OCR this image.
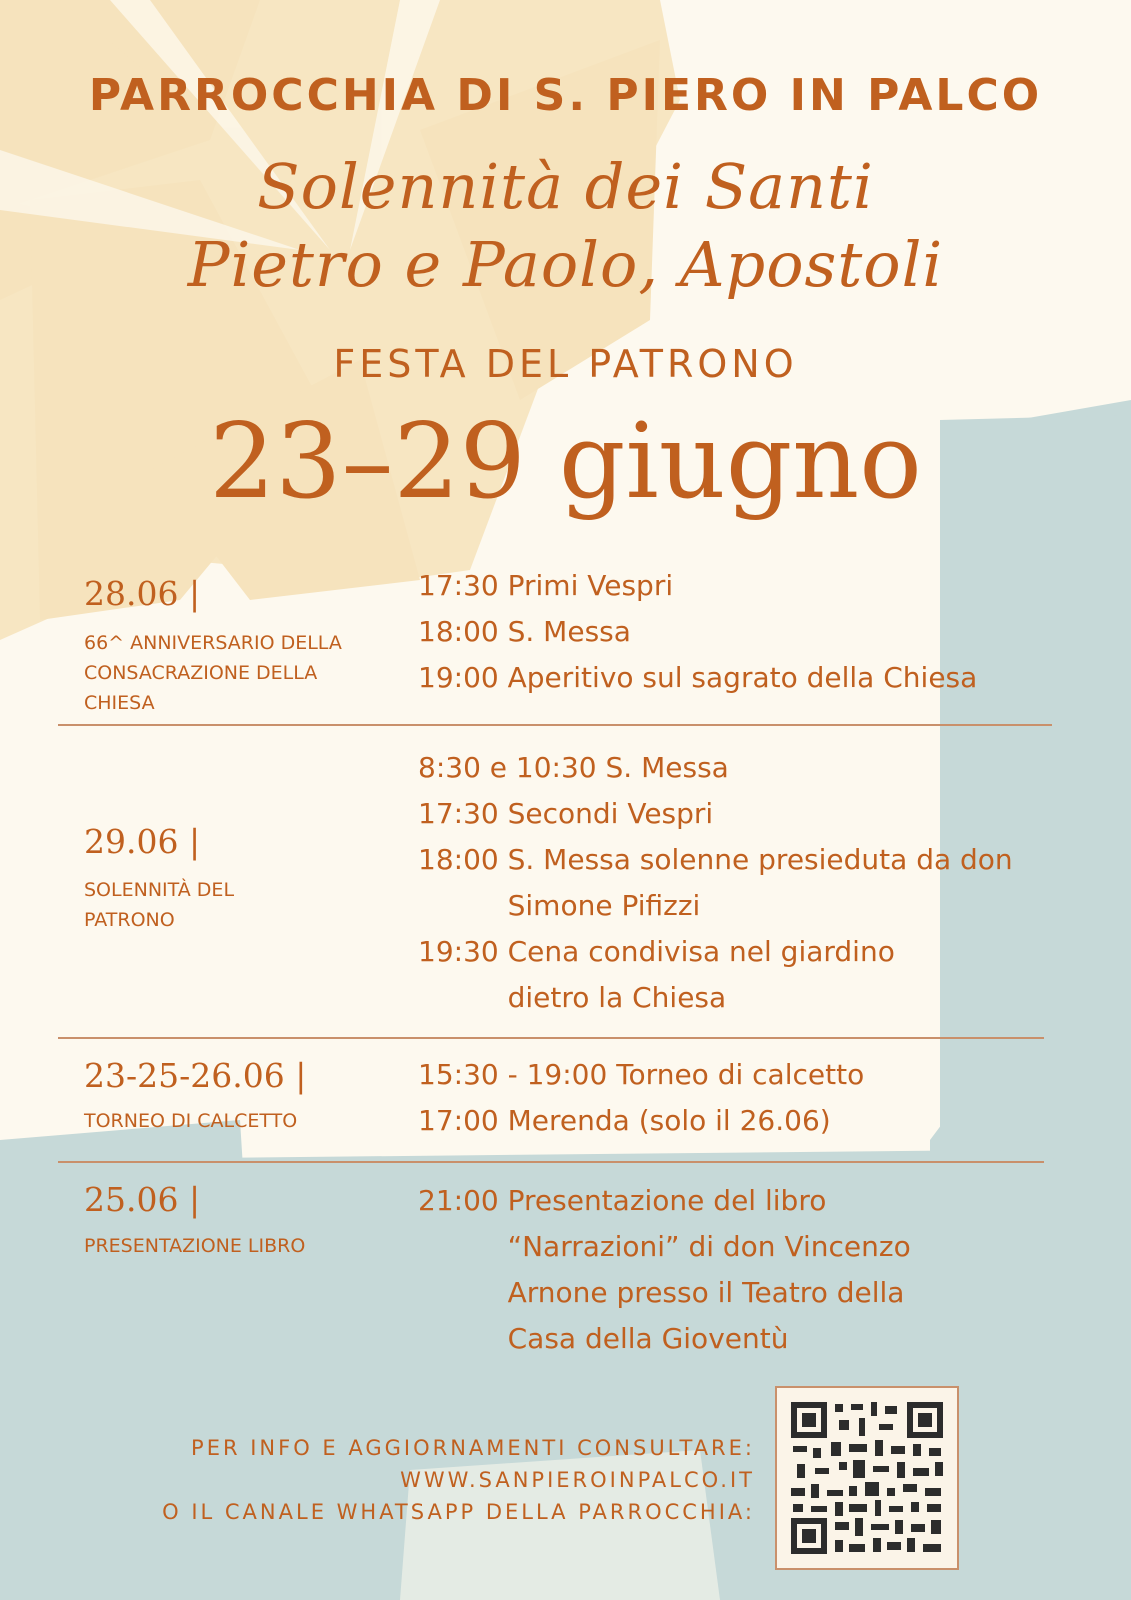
PARROCCHIA DI S. PIERO IN PALCO
Solennità dei Santi
Pietro e Paolo, Apostoli
FESTA DEL PATRONO
23–29 giugno
28.06 |
66^ ANNIVERSARIO DELLA CONSACRAZIONE DELLA CHIESA
17:30 Primi Vespri
18:00 S. Messa
19:00 Aperitivo sul sagrato della Chiesa
29.06 |
SOLENNITÀ DEL PATRONO
8:30 e 10:30 S. Messa
17:30 Secondi Vespri
18:00 S. Messa solenne presieduta da don Simone Pifizzi
19:30 Cena condivisa nel giardino dietro la Chiesa
23-25-26.06 |
TORNEO DI CALCETTO
15:30 - 19:00 Torneo di calcetto
17:00 Merenda (solo il 26.06)
25.06 |
PRESENTAZIONE LIBRO
21:00 Presentazione del libro “Narrazioni” di don Vincenzo Arnone presso il Teatro della Casa della Gioventù
PER INFO E AGGIORNAMENTI CONSULTARE:
WWW.SANPIEROINPALCO.IT
O IL CANALE WHATSAPP DELLA PARROCCHIA:
